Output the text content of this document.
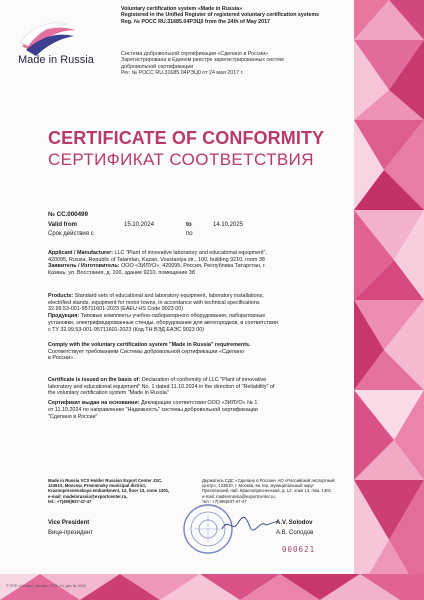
Made in Russia
Voluntary certification system «Made in Russia»
Registered in the Unified Register of registered voluntary certification systems
Reg. № POCC RU.31685.04РЭЦ0 from the 24th of May 2017
Система добровольной сертификации «Сделано в России»
Зарегистрирована в Едином реестре зарегистрированных систем
добровольной сертификации
Рег. № POCC RU.31685.04РЭЦ0 от 24 мая 2017 г.
CERTIFICATE OF CONFORMITY
СЕРТИФИКАТ СООТВЕТСТВИЯ
№ CC.000499
Valid from
Срок действия с
15.10.2024	to
по
14.10.2025
Applicant / Manufacturer: LLC "Plant of innovative laboratory and educational equipment",
420095, Russia, Republic of Tatarstan, Kazan, Vosstaniya str., 100, building 9210, room 38
Заявитель / Изготовитель: ООО «ЗИЛУО», 420095, Россия, Республика Татарстан, г.
Казань, ул. Восстания, д. 100, здание 9210, помещение 38
Products: Standard sets of educational and laboratory equipment, laboratory installations,
electrified stands, equipment for motor towns, in accordance with technical specifications
32.99.53-001-95711601-2023 (EAEU HS Code 9023 00)
Продукция: Типовые комплекты учебно-лабораторного оборудования, лабораторные
установки, электрифицированные стенды, оборудование для автогородков, в соответствии
с ТУ 32.99.53-001-95711601-2023 (Код ТН ВЭД ЕАЭС 9023 00)
Comply with the voluntary certification system "Made in Russia" requirements.
Соответствует требованиям Системы добровольной сертификации «Сделано
в России».
Certificate is issued on the basis of: Declaration of conformity of LLC "Plant of innovative
laboratory and educational equipment" No. 1 dated 11.10.2024 in the direction of "Reliability" of
the voluntary certification system "Made in Russia"
Сертификат выдан на основании: Декларации соответствия ООО «ЗИЛУО» № 1
от 11.10.2024 по направлению "Надежность" системы добровольной сертификации
"Сделано в России"
Made in Russia VCS Holder Russian Export Center JSC,
123610, Moscow, Presnensky municipal district,
Krasnopresnenskaya embankment, 12, floor 13, room 1301,
e-mail: madeinrussia@exportcenter.ru,
tel.: +7(495)937-47-47
Держатель СДС «Сделано в России» АО «Российский экспортный
центр», 123610, г. Москва, вн.тер. муниципальный округ
Пресненский, наб. Краснопресненская, д. 12, этаж 13, пом. 1301
e-mail: madeinrussia@exportcenter.ru,
тел.: +7(495)937-47-47
Vice President
Вице-президент
A.V. Solodov
А.В. Солодов
000621
© ППП «Гознак», Москва, 2024. Уч. дет. № 3040
